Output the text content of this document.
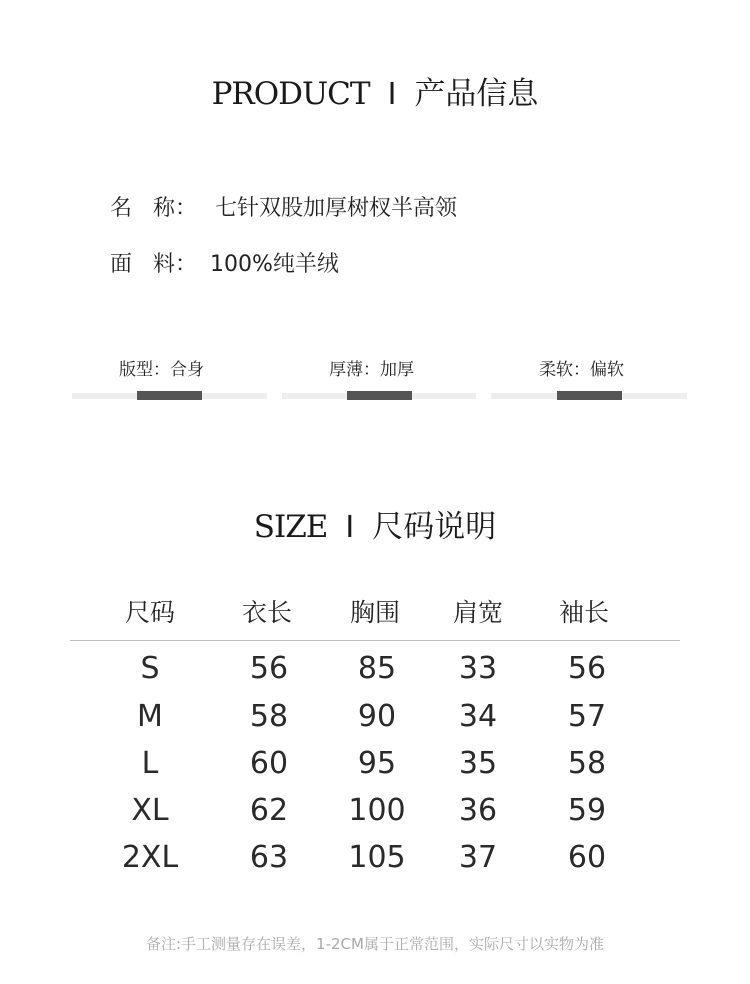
PRODUCT I 产品信息
名   称： 七针双股加厚树杈半高领
面   料： 100%纯羊绒
版型：合身	厚薄：加厚	柔软：偏软
SIZE I 尺码说明
尺码	衣长	胸围	肩宽	袖长
S	56	85	33	56
M	58	90	34	57
L	60	95	35	58
XL	62	100	36	59
2XL	63	105	37	60
备注:手工测量存在误差，1-2CM属于正常范围，实际尺寸以实物为准
